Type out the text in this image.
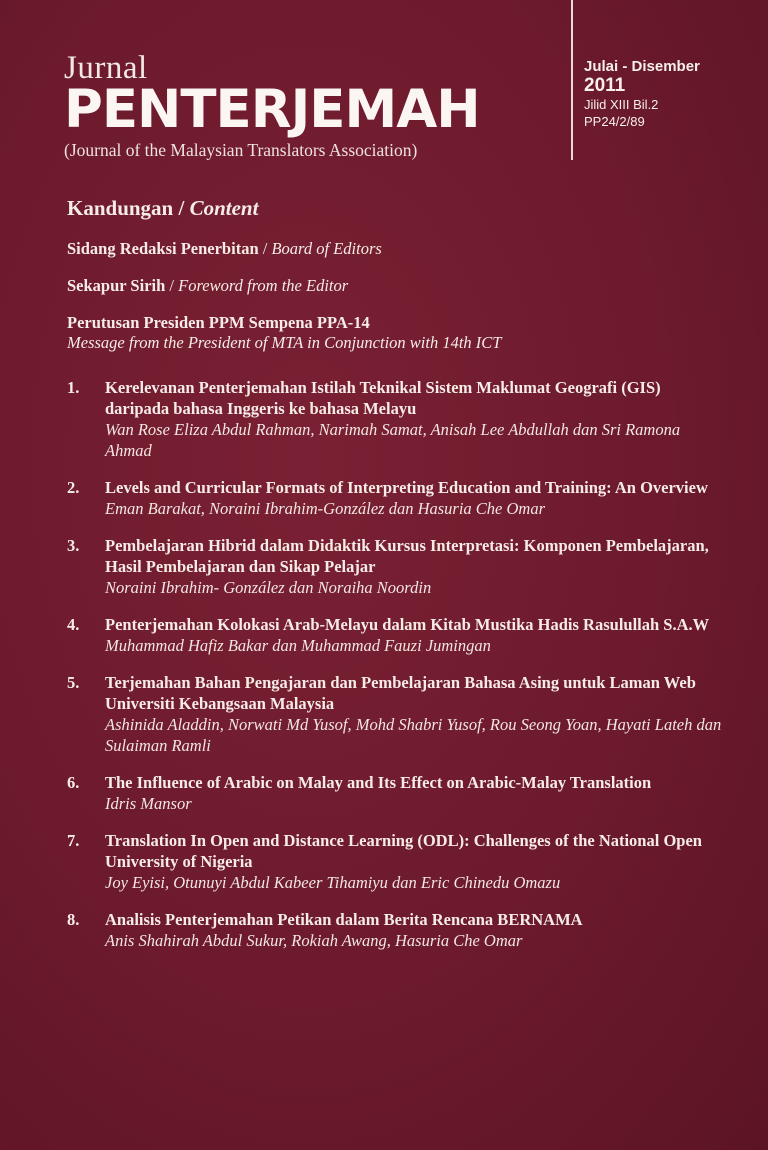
Jurnal
PENTERJEMAH
(Journal of the Malaysian Translators Association)
Julai - Disember
2011
Jilid XIII Bil.2
PP24/2/89
Kandungan / Content
Sidang Redaksi Penerbitan / Board of Editors
Sekapur Sirih / Foreword from the Editor
Perutusan Presiden PPM Sempena PPA-14
Message from the President of MTA in Conjunction with 14th ICT
1. Kerelevanan Penterjemahan Istilah Teknikal Sistem Maklumat Geografi (GIS) daripada bahasa Inggeris ke bahasa Melayu
Wan Rose Eliza Abdul Rahman, Narimah Samat, Anisah Lee Abdullah dan Sri Ramona Ahmad
2. Levels and Curricular Formats of Interpreting Education and Training: An Overview
Eman Barakat, Noraini Ibrahim-González dan Hasuria Che Omar
3. Pembelajaran Hibrid dalam Didaktik Kursus Interpretasi: Komponen Pembelajaran, Hasil Pembelajaran dan Sikap Pelajar
Noraini Ibrahim- González dan Noraiha Noordin
4. Penterjemahan Kolokasi Arab-Melayu dalam Kitab Mustika Hadis Rasulullah S.A.W
Muhammad Hafiz Bakar dan Muhammad Fauzi Jumingan
5. Terjemahan Bahan Pengajaran dan Pembelajaran Bahasa Asing untuk Laman Web Universiti Kebangsaan Malaysia
Ashinida Aladdin, Norwati Md Yusof, Mohd Shabri Yusof, Rou Seong Yoan, Hayati Lateh dan Sulaiman Ramli
6. The Influence of Arabic on Malay and Its Effect on Arabic-Malay Translation
Idris Mansor
7. Translation In Open and Distance Learning (ODL): Challenges of the National Open University of Nigeria
Joy Eyisi, Otunuyi Abdul Kabeer Tihamiyu dan Eric Chinedu Omazu
8. Analisis Penterjemahan Petikan dalam Berita Rencana BERNAMA
Anis Shahirah Abdul Sukur, Rokiah Awang, Hasuria Che Omar
